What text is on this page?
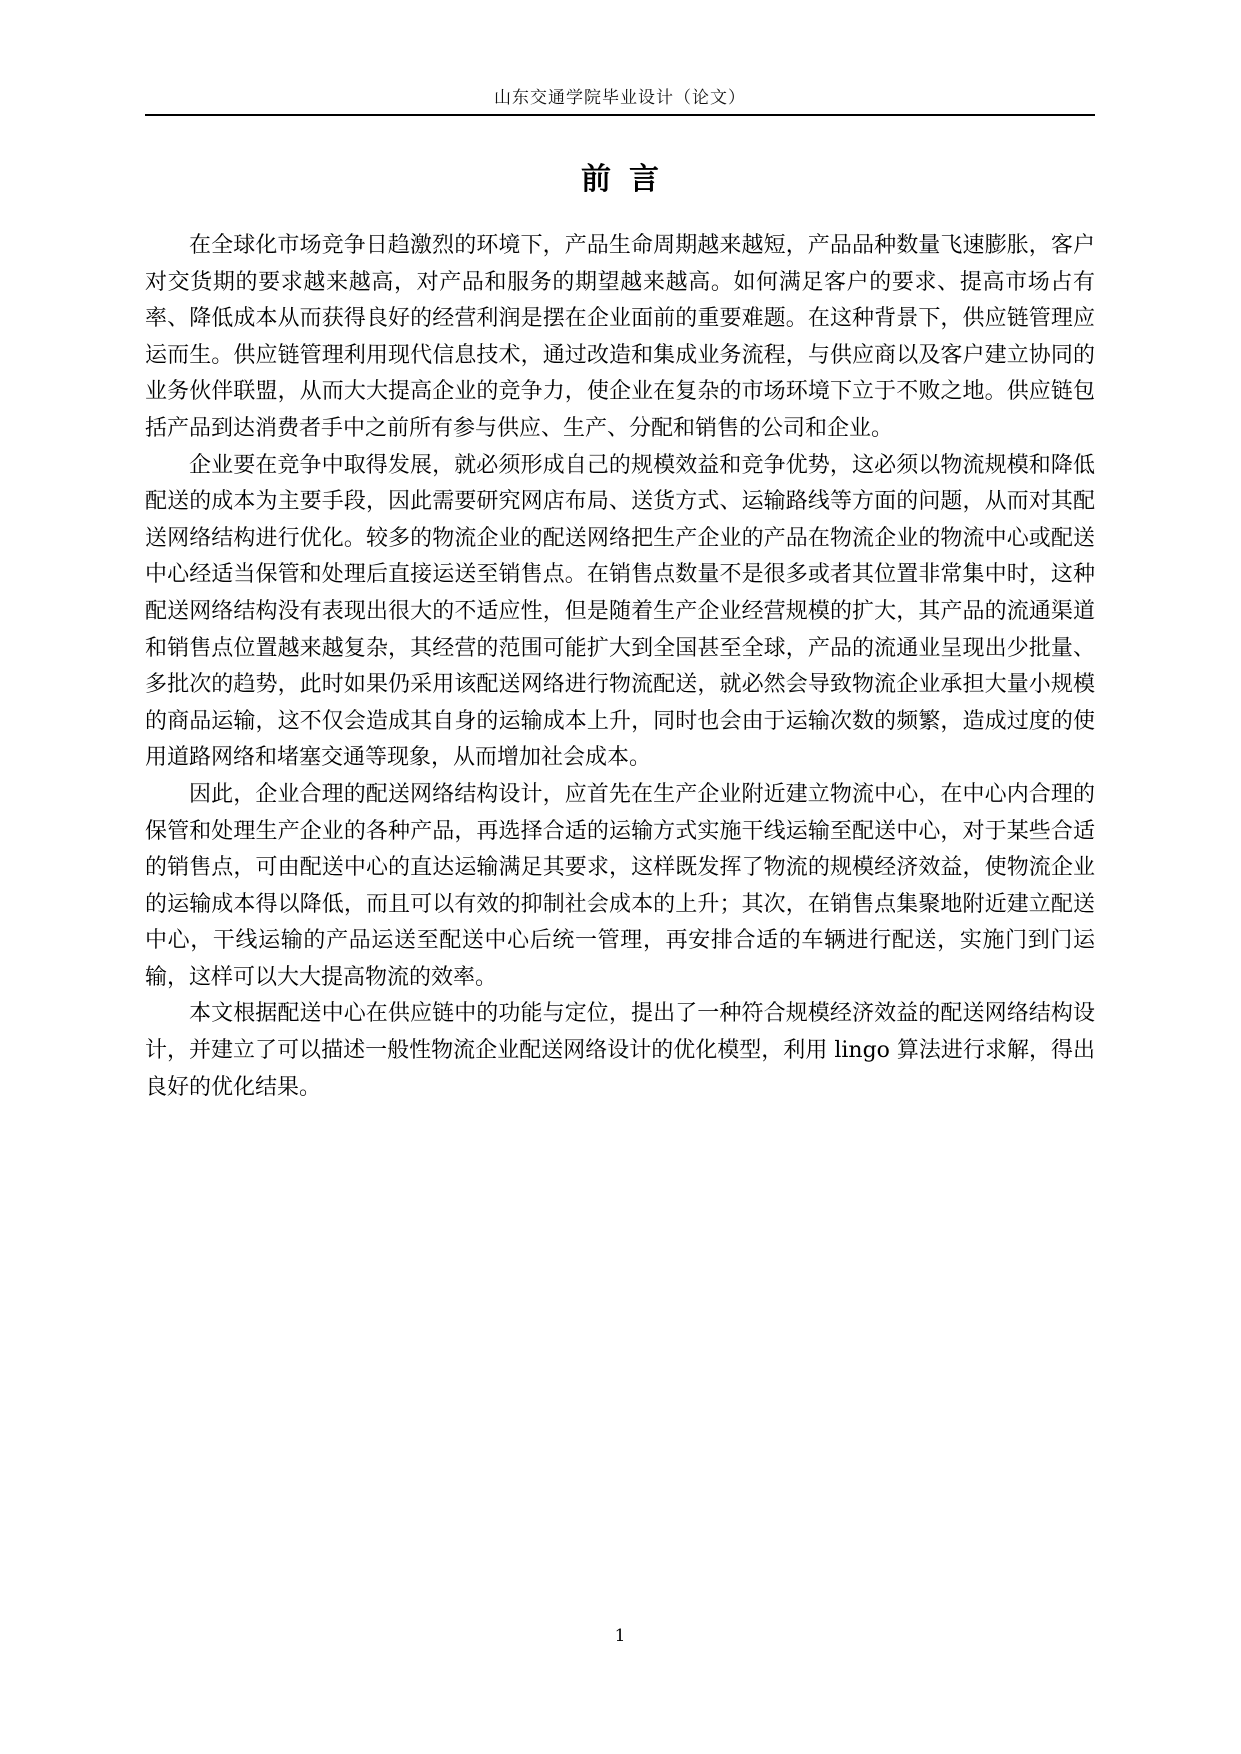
山东交通学院毕业设计（论文）
前言

在全球化市场竞争日趋激烈的环境下，产品生命周期越来越短，产品品种数量飞速膨胀，客户对交货期的要求越来越高，对产品和服务的期望越来越高。如何满足客户的要求、提高市场占有率、降低成本从而获得良好的经营利润是摆在企业面前的重要难题。在这种背景下，供应链管理应运而生。供应链管理利用现代信息技术，通过改造和集成业务流程，与供应商以及客户建立协同的业务伙伴联盟，从而大大提高企业的竞争力，使企业在复杂的市场环境下立于不败之地。供应链包括产品到达消费者手中之前所有参与供应、生产、分配和销售的公司和企业。

企业要在竞争中取得发展，就必须形成自己的规模效益和竞争优势，这必须以物流规模和降低配送的成本为主要手段，因此需要研究网店布局、送货方式、运输路线等方面的问题，从而对其配送网络结构进行优化。较多的物流企业的配送网络把生产企业的产品在物流企业的物流中心或配送中心经适当保管和处理后直接运送至销售点。在销售点数量不是很多或者其位置非常集中时，这种配送网络结构没有表现出很大的不适应性，但是随着生产企业经营规模的扩大，其产品的流通渠道和销售点位置越来越复杂，其经营的范围可能扩大到全国甚至全球，产品的流通业呈现出少批量、多批次的趋势，此时如果仍采用该配送网络进行物流配送，就必然会导致物流企业承担大量小规模的商品运输，这不仅会造成其自身的运输成本上升，同时也会由于运输次数的频繁，造成过度的使用道路网络和堵塞交通等现象，从而增加社会成本。

因此，企业合理的配送网络结构设计，应首先在生产企业附近建立物流中心，在中心内合理的保管和处理生产企业的各种产品，再选择合适的运输方式实施干线运输至配送中心，对于某些合适的销售点，可由配送中心的直达运输满足其要求，这样既发挥了物流的规模经济效益，使物流企业的运输成本得以降低，而且可以有效的抑制社会成本的上升；其次，在销售点集聚地附近建立配送中心，干线运输的产品运送至配送中心后统一管理，再安排合适的车辆进行配送，实施门到门运输，这样可以大大提高物流的效率。

本文根据配送中心在供应链中的功能与定位，提出了一种符合规模经济效益的配送网络结构设计，并建立了可以描述一般性物流企业配送网络设计的优化模型，利用 lingo 算法进行求解，得出良好的优化结果。

1
